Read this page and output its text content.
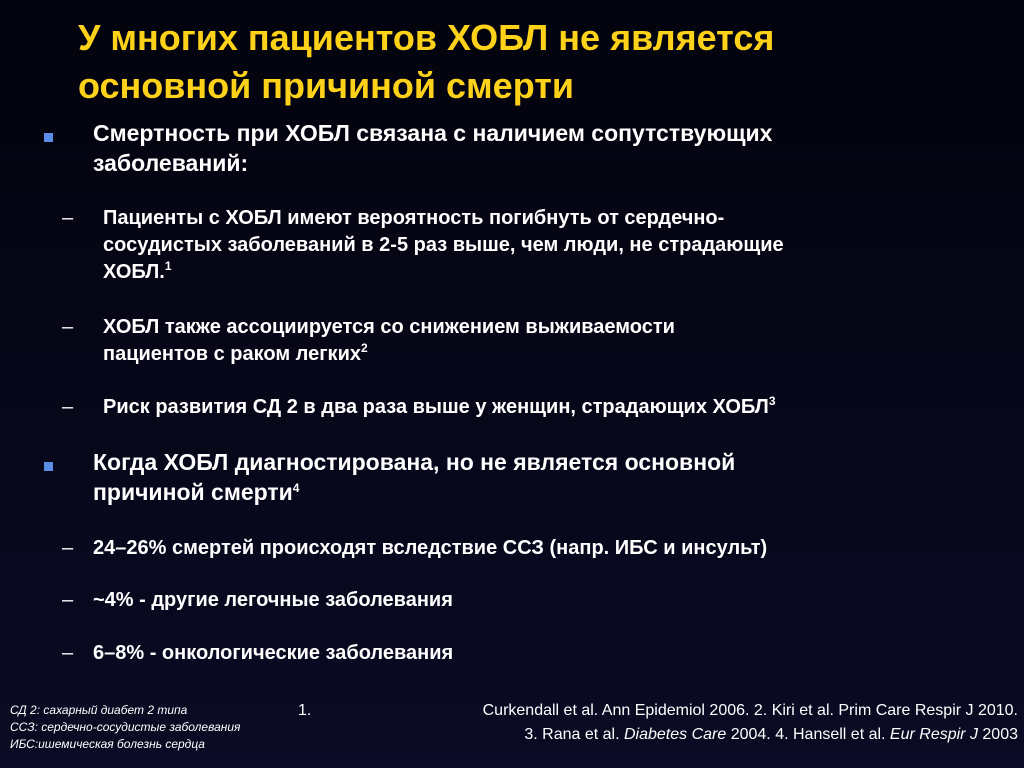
У многих пациентов ХОБЛ не является
основной причиной смерти
Смертность при ХОБЛ связана с наличием сопутствующих
заболеваний:
– Пациенты с ХОБЛ имеют вероятность погибнуть от сердечно-
сосудистых заболеваний в 2-5 раз выше, чем люди, не страдающие
ХОБЛ.$^1$
– ХОБЛ также ассоциируется со снижением выживаемости
пациентов с раком легких$^2$
– Риск развития СД 2 в два раза выше у женщин, страдающих ХОБЛ$^3$
Когда ХОБЛ диагностирована, но не является основной
причиной смерти$^4$
– 24–26% смертей происходят вследствие ССЗ (напр. ИБС и инсульт)
– ~4% - другие легочные заболевания
– 6–8% - онкологические заболевания
СД 2: сахарный диабет 2 типа
ССЗ: сердечно-сосудистые заболевания
ИБС:ишемическая болезнь сердца
1.	Curkendall et al. Ann Epidemiol 2006. 2. Kiri et al. Prim Care Respir J 2010.
3. Rana et al. Diabetes Care 2004. 4. Hansell et al. Eur Respir J 2003
